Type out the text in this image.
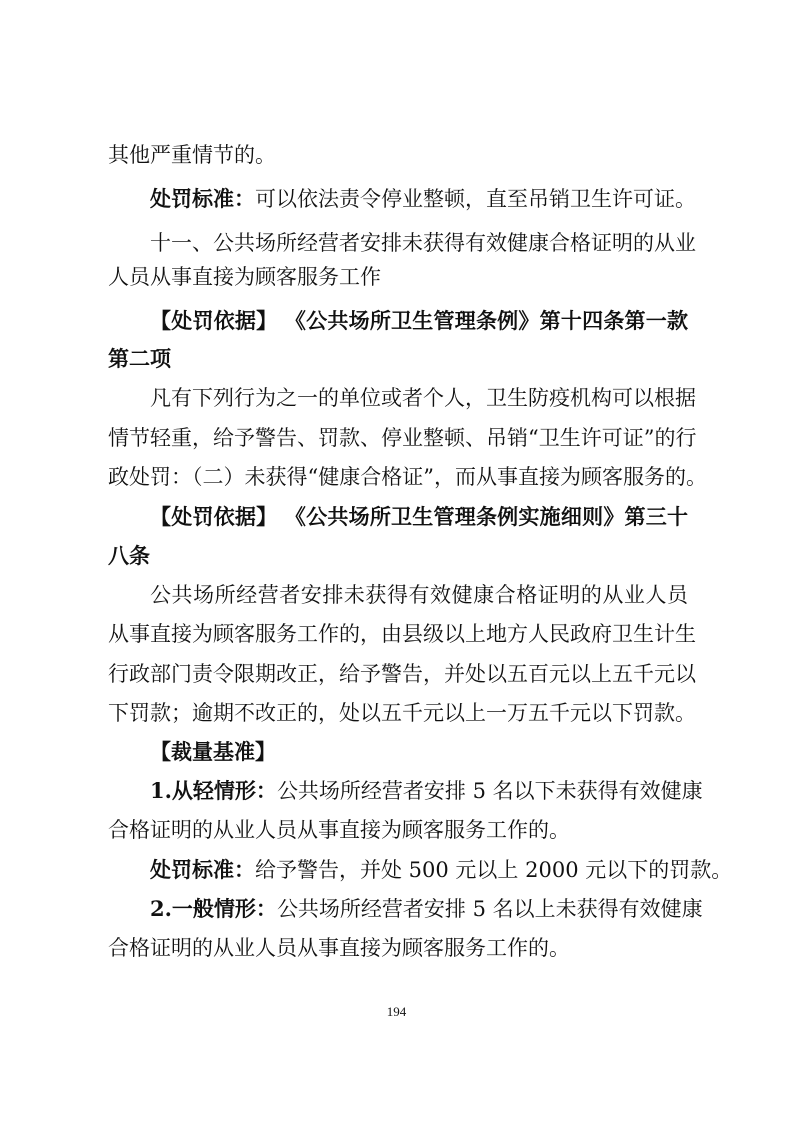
其他严重情节的。
处罚标准：可以依法责令停业整顿，直至吊销卫生许可证。
十一、公共场所经营者安排未获得有效健康合格证明的从业
人员从事直接为顾客服务工作
【处罚依据】 《公共场所卫生管理条例》第十四条第一款
第二项
凡有下列行为之一的单位或者个人，卫生防疫机构可以根据
情节轻重，给予警告、罚款、停业整顿、吊销“卫生许可证”的行
政处罚：（二）未获得“健康合格证”，而从事直接为顾客服务的。
【处罚依据】 《公共场所卫生管理条例实施细则》第三十
八条
公共场所经营者安排未获得有效健康合格证明的从业人员
从事直接为顾客服务工作的，由县级以上地方人民政府卫生计生
行政部门责令限期改正，给予警告，并处以五百元以上五千元以
下罚款；逾期不改正的，处以五千元以上一万五千元以下罚款。
【裁量基准】
1.从轻情形：公共场所经营者安排 5 名以下未获得有效健康
合格证明的从业人员从事直接为顾客服务工作的。
处罚标准：给予警告，并处 500 元以上 2000 元以下的罚款。
2.一般情形：公共场所经营者安排 5 名以上未获得有效健康
合格证明的从业人员从事直接为顾客服务工作的。
194
